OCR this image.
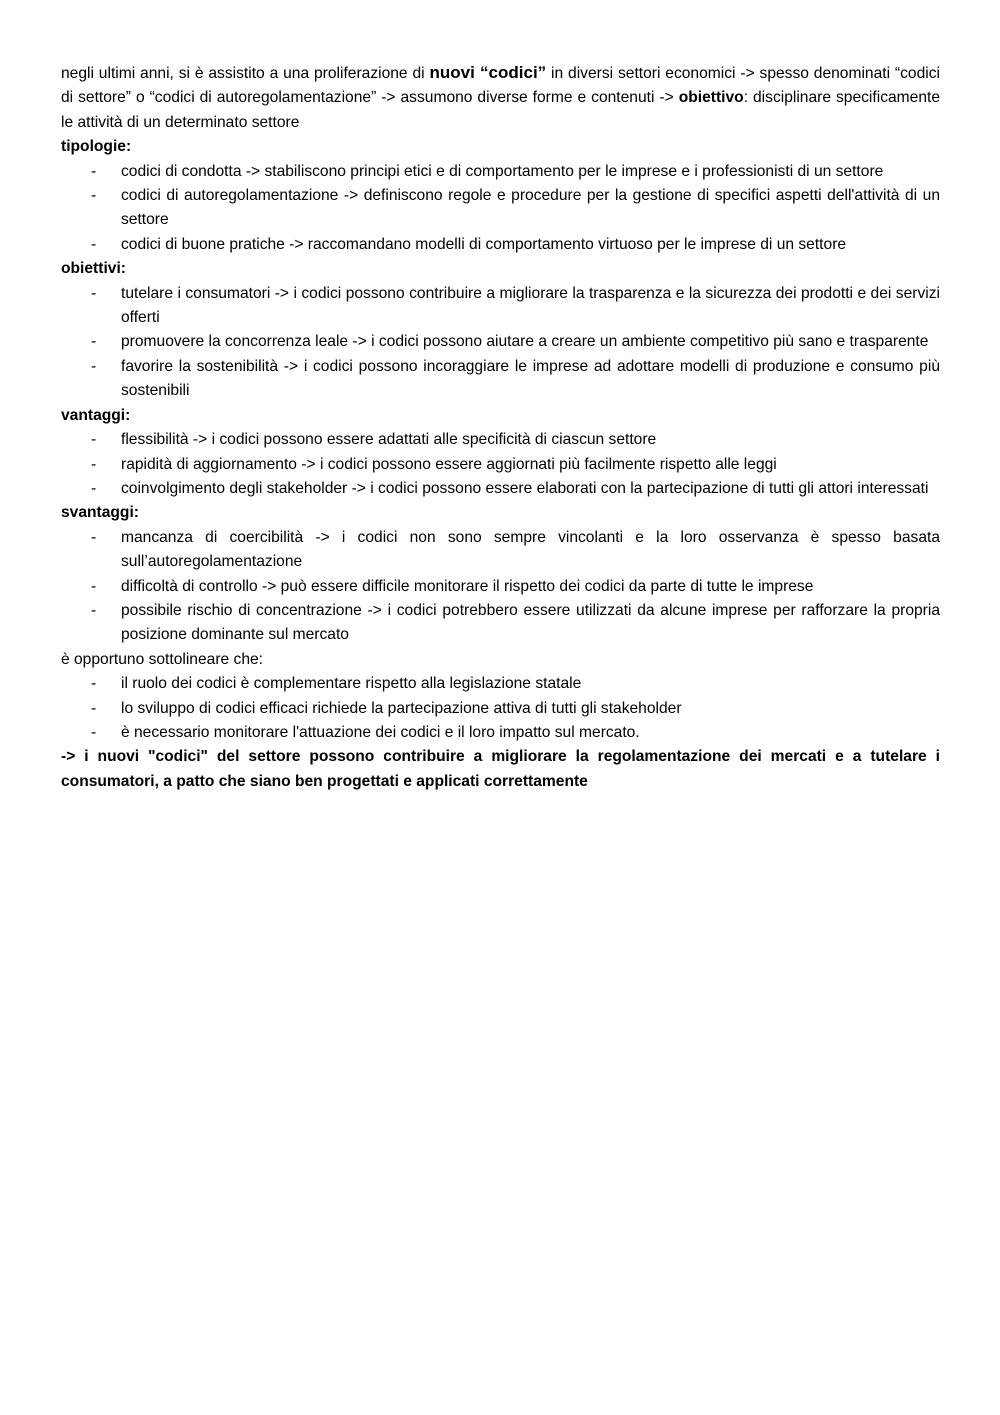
negli ultimi anni, si è assistito a una proliferazione di nuovi “codici” in diversi settori economici -> spesso denominati “codici di settore” o “codici di autoregolamentazione” -> assumono diverse forme e contenuti -> obiettivo: disciplinare specificamente le attività di un determinato settore

tipologie:

- codici di condotta -> stabiliscono principi etici e di comportamento per le imprese e i professionisti di un settore
- codici di autoregolamentazione -> definiscono regole e procedure per la gestione di specifici aspetti dell'attività di un settore
- codici di buone pratiche -> raccomandano modelli di comportamento virtuoso per le imprese di un settore

obiettivi:

- tutelare i consumatori -> i codici possono contribuire a migliorare la trasparenza e la sicurezza dei prodotti e dei servizi offerti
- promuovere la concorrenza leale -> i codici possono aiutare a creare un ambiente competitivo più sano e trasparente
- favorire la sostenibilità -> i codici possono incoraggiare le imprese ad adottare modelli di produzione e consumo più sostenibili

vantaggi:

- flessibilità -> i codici possono essere adattati alle specificità di ciascun settore
- rapidità di aggiornamento -> i codici possono essere aggiornati più facilmente rispetto alle leggi
- coinvolgimento degli stakeholder -> i codici possono essere elaborati con la partecipazione di tutti gli attori interessati

svantaggi:

- mancanza di coercibilità -> i codici non sono sempre vincolanti e la loro osservanza è spesso basata sull’autoregolamentazione
- difficoltà di controllo -> può essere difficile monitorare il rispetto dei codici da parte di tutte le imprese
- possibile rischio di concentrazione -> i codici potrebbero essere utilizzati da alcune imprese per rafforzare la propria posizione dominante sul mercato

è opportuno sottolineare che:

- il ruolo dei codici è complementare rispetto alla legislazione statale
- lo sviluppo di codici efficaci richiede la partecipazione attiva di tutti gli stakeholder
- è necessario monitorare l'attuazione dei codici e il loro impatto sul mercato.

-> i nuovi "codici" del settore possono contribuire a migliorare la regolamentazione dei mercati e a tutelare i consumatori, a patto che siano ben progettati e applicati correttamente
